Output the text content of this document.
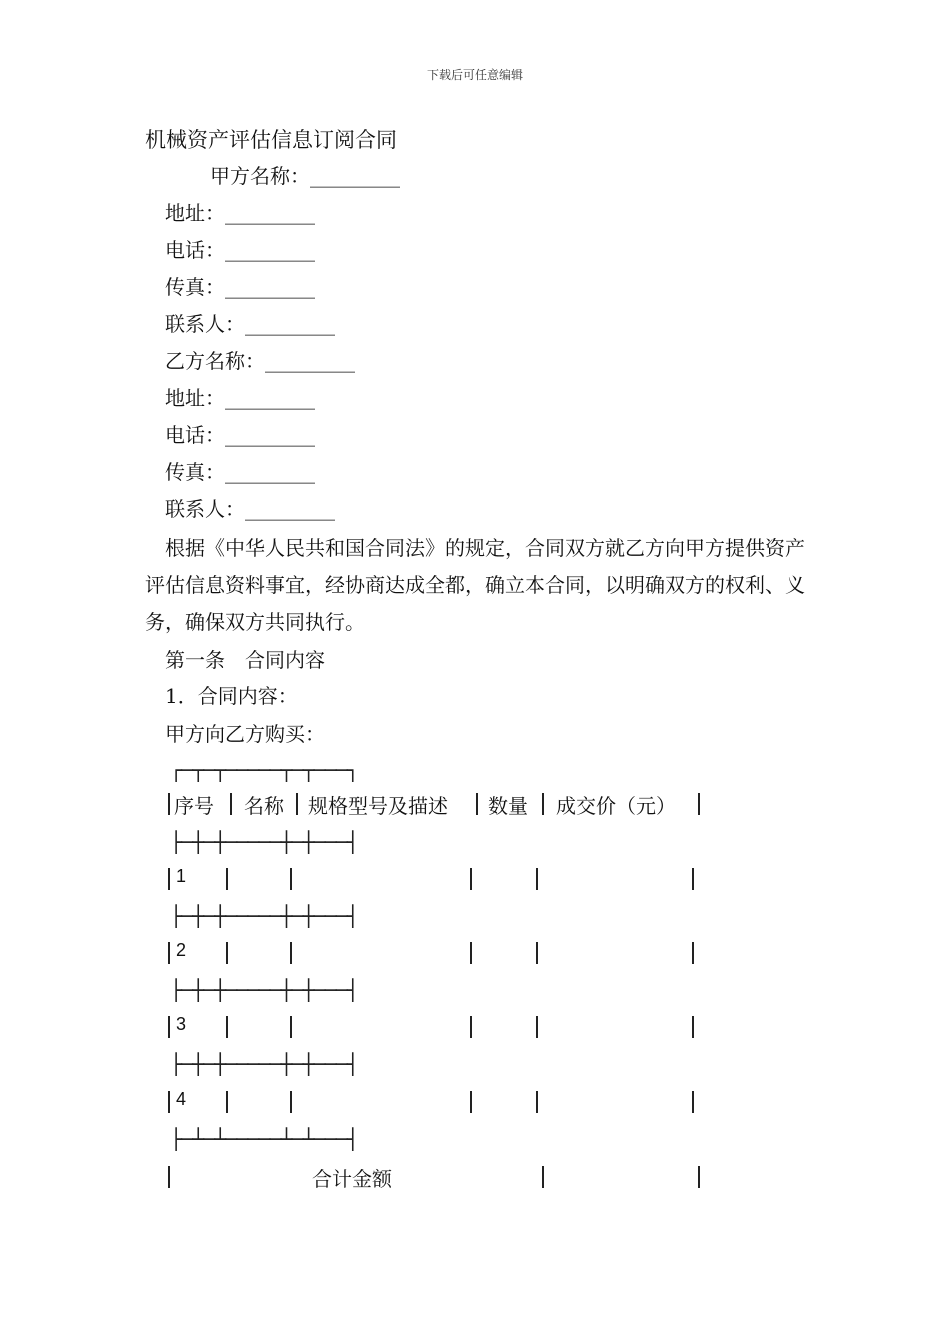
下载后可任意编辑
机械资产评估信息订阅合同
甲方名称：_________
地址：_________
电话：_________
传真：_________
联系人：_________
乙方名称：_________
地址：_________
电话：_________
传真：_________
联系人：_________
根据《中华人民共和国合同法》的规定，合同双方就乙方向甲方提供资产评估信息资料事宜，经协商达成全都，确立本合同，以明确双方的权利、义务，确保双方共同执行。
第一条　合同内容
1．合同内容：
甲方向乙方购买：
┌─┬─┬─────┬─┬───┐
序号 名称 规格型号及描述 数量 成交价（元）
├─┼─┼─────┼─┼───┤
1
├─┼─┼─────┼─┼───┤
2
├─┼─┼─────┼─┼───┤
3
├─┼─┼─────┼─┼───┤
4
├─┴─┴─────┴─┴───┤
合计金额
